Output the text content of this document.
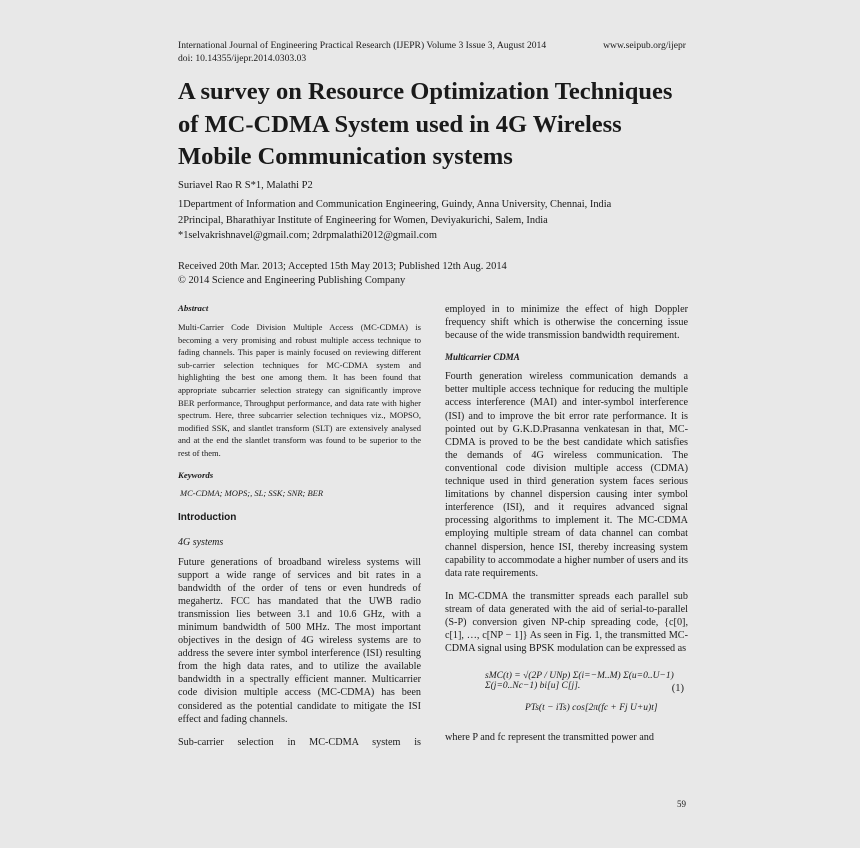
International Journal of Engineering Practical Research (IJEPR) Volume 3 Issue 3, August 2014
doi: 10.14355/ijepr.2014.0303.03
www.seipub.org/ijepr
A survey on Resource Optimization Techniques of MC-CDMA System used in 4G Wireless Mobile Communication systems
Suriavel Rao R S*1, Malathi P2
1Department of Information and Communication Engineering, Guindy, Anna University, Chennai, India
2Principal, Bharathiyar Institute of Engineering for Women, Deviyakurichi, Salem, India
*1selvakrishnavel@gmail.com; 2drpmalathi2012@gmail.com
Received 20th Mar. 2013; Accepted 15th May 2013; Published 12th Aug. 2014
© 2014 Science and Engineering Publishing Company
Abstract

Multi-Carrier Code Division Multiple Access (MC-CDMA) is becoming a very promising and robust multiple access technique to fading channels. This paper is mainly focused on reviewing different sub-carrier selection techniques for MC-CDMA system and highlighting the best one among them. It has been found that appropriate subcarrier selection strategy can significantly improve BER performance, Throughput performance, and data rate with higher spectrum. Here, three subcarrier selection techniques viz., MOPSO, modified SSK, and slantlet transform (SLT) are extensively analysed and at the end the slantlet transform was found to be superior to the rest of them.

Keywords
MC-CDMA; MOPS;, SL; SSK; SNR; BER
Introduction
4G systems

Future generations of broadband wireless systems will support a wide range of services and bit rates in a bandwidth of the order of tens or even hundreds of megahertz. FCC has mandated that the UWB radio transmission lies between 3.1 and 10.6 GHz, with a minimum bandwidth of 500 MHz. The most important objectives in the design of 4G wireless systems are to address the severe inter symbol interference (ISI) resulting from the high data rates, and to utilize the available bandwidth in a spectrally efficient manner. Multicarrier code division multiple access (MC-CDMA) has been considered as the potential candidate to mitigate the ISI effect and fading channels.

Sub-carrier selection in MC-CDMA system is

employed in to minimize the effect of high Doppler frequency shift which is otherwise the concerning issue because of the wide transmission bandwidth requirement.

Multicarrier CDMA

Fourth generation wireless communication demands a better multiple access technique for reducing the multiple access interference (MAI) and inter-symbol interference (ISI) and to improve the bit error rate performance. It is pointed out by G.K.D.Prasanna venkatesan in that, MC-CDMA is proved to be the best candidate which satisfies the demands of 4G wireless communication. The conventional code division multiple access (CDMA) technique used in third generation system faces serious limitations by channel dispersion causing inter symbol interference (ISI), and it requires advanced signal processing algorithms to implement it. The MC-CDMA employing multiple stream of data channel can combat channel dispersion, hence ISI, thereby increasing system capability to accommodate a higher number of users and its data rate requirements.

In MC-CDMA the transmitter spreads each parallel sub stream of data generated with the aid of serial-to-parallel (S-P) conversion given NP-chip spreading code, {c[0], c[1], …, c[NP − 1]} As seen in Fig. 1, the transmitted MC-CDMA signal using BPSK modulation can be expressed as

sMC(t) = √(2P / UNp) Σ(i=−M..M) Σ(u=0..U−1) Σ(j=0..Nc−1) bi[u] C[j].
PTs(t − iTs) cos[2π(fc + Fj U+u)t]
(1)

where P and fc represent the transmitted power and

59
